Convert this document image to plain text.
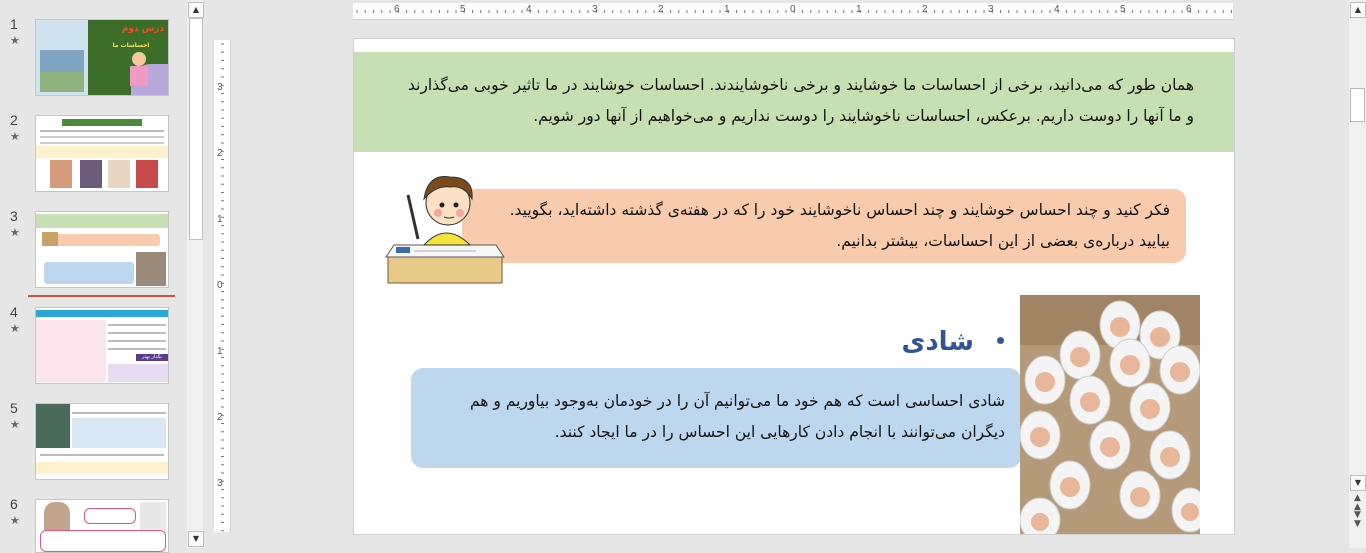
1
★
درس دوم
احساسات ما
2
★
3
★
4
★
بگذار بهتر
5
★
6
★
▲
▼
6	5	4	3	2	1	0	1	2	3	4	5	6
3
2
1
0
1
2
3
همان طور که می‌دانید، برخی از احساسات ما خوشایند و برخی ناخوشایندند. احساسات خوشایند در ما تاثیر خوبی می‌گذارند
و ما آنها را دوست داریم. برعکس، احساسات ناخوشایند را دوست نداریم و می‌خواهیم از آنها دور شویم.
فکر کنید و چند احساس خوشایند و چند احساس ناخوشایند خود را که در هفته‌ی گذشته داشته‌اید، بگویید.
بیایید درباره‌ی بعضی از این احساسات، بیشتر بدانیم.
شادی
شادی احساسی است که هم خود ما می‌توانیم آن را در خودمان به‌وجود بیاوریم و هم
دیگران می‌توانند با انجام دادن کارهایی این احساس را در ما ایجاد کنند.
▲
▼
▲
▲
▼
▼
